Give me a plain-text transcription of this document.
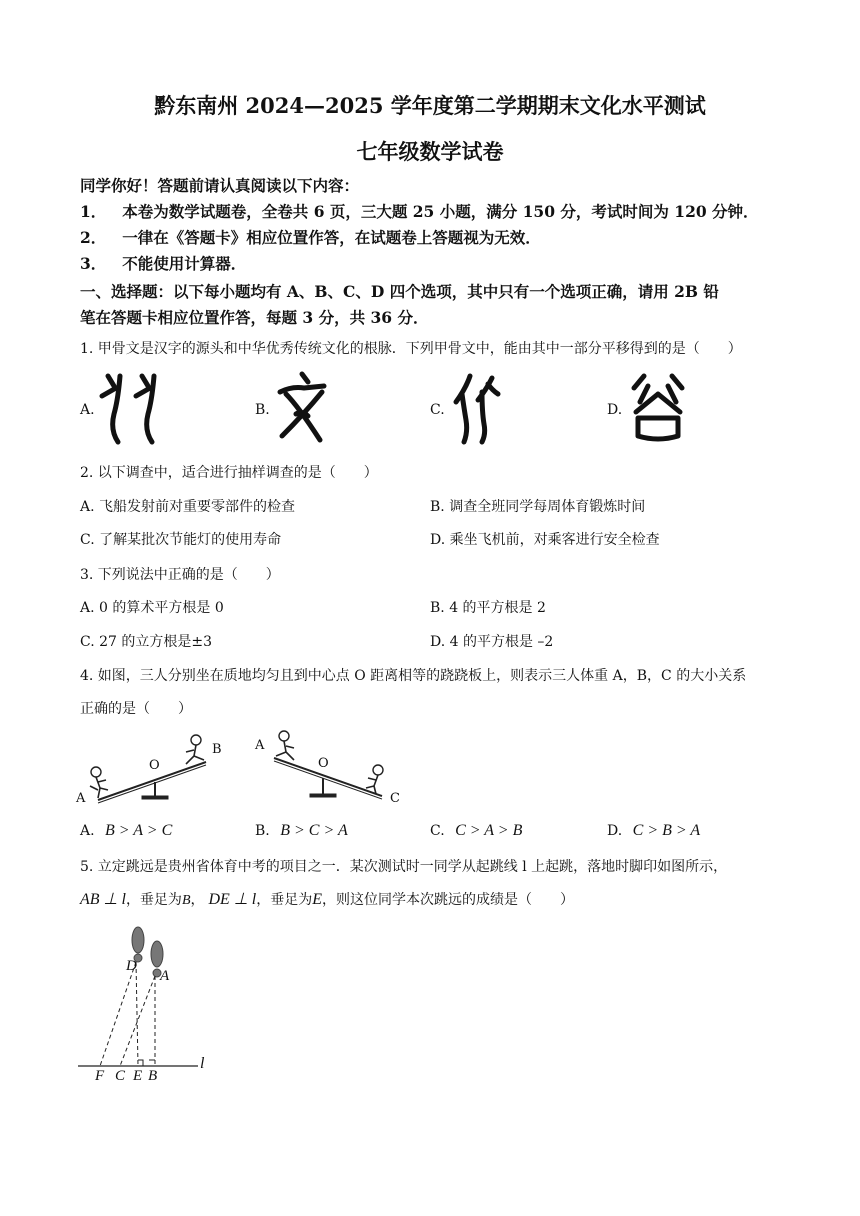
黔东南州 2024—2025 学年度第二学期期末文化水平测试
七年级数学试卷
同学你好！答题前请认真阅读以下内容：
1． 本卷为数学试题卷，全卷共 6 页，三大题 25 小题，满分 150 分，考试时间为 120 分钟．
2． 一律在《答题卡》相应位置作答，在试题卷上答题视为无效．
3． 不能使用计算器．
一、选择题：以下每小题均有 A、B、C、D 四个选项，其中只有一个选项正确，请用 2B 铅
笔在答题卡相应位置作答，每题 3 分，共 36 分．
1. 甲骨文是汉字的源头和中华优秀传统文化的根脉．下列甲骨文中，能由其中一部分平移得到的是（　　）
A.	B.	C.	D.
2. 以下调查中，适合进行抽样调查的是（　　）
A. 飞船发射前对重要零部件的检查	B. 调查全班同学每周体育锻炼时间
C. 了解某批次节能灯的使用寿命	D. 乘坐飞机前，对乘客进行安全检查
3. 下列说法中正确的是（　　）
A. 0 的算术平方根是 0	B. 4 的平方根是 2
C. 27 的立方根是±3	D. 4 的平方根是 –2
4. 如图，三人分别坐在质地均匀且到中心点 O 距离相等的跷跷板上，则表示三人体重 A，B，C 的大小关系
正确的是（　　）
A
B
O
A
C
O
A. B > A > C	B. B > C > A	C. C > A > B	D. C > B > A
5. 立定跳远是贵州省体育中考的项目之一．某次测试时一同学从起跳线 l 上起跳，落地时脚印如图所示，
AB ⊥ l，垂足为B， DE ⊥ l，垂足为E，则这位同学本次跳远的成绩是（　　）
D
A
F C E B
l
